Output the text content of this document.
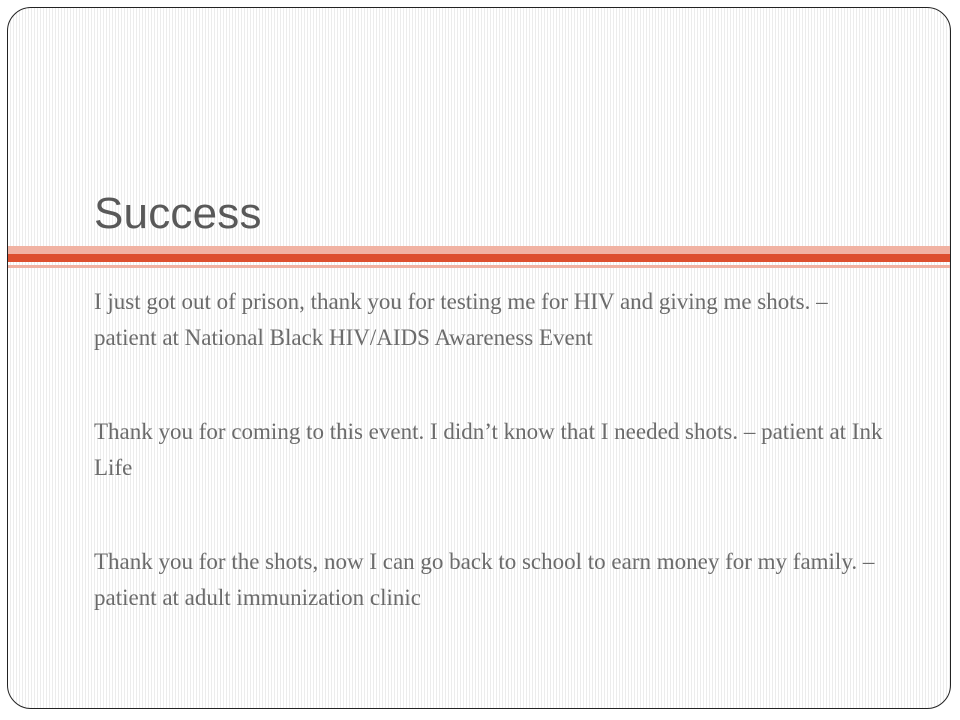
Success

I just got out of prison, thank you for testing me for HIV and giving me shots. – patient at National Black HIV/AIDS Awareness Event

Thank you for coming to this event. I didn’t know that I needed shots. – patient at Ink Life

Thank you for the shots, now I can go back to school to earn money for my family. – patient at adult immunization clinic
